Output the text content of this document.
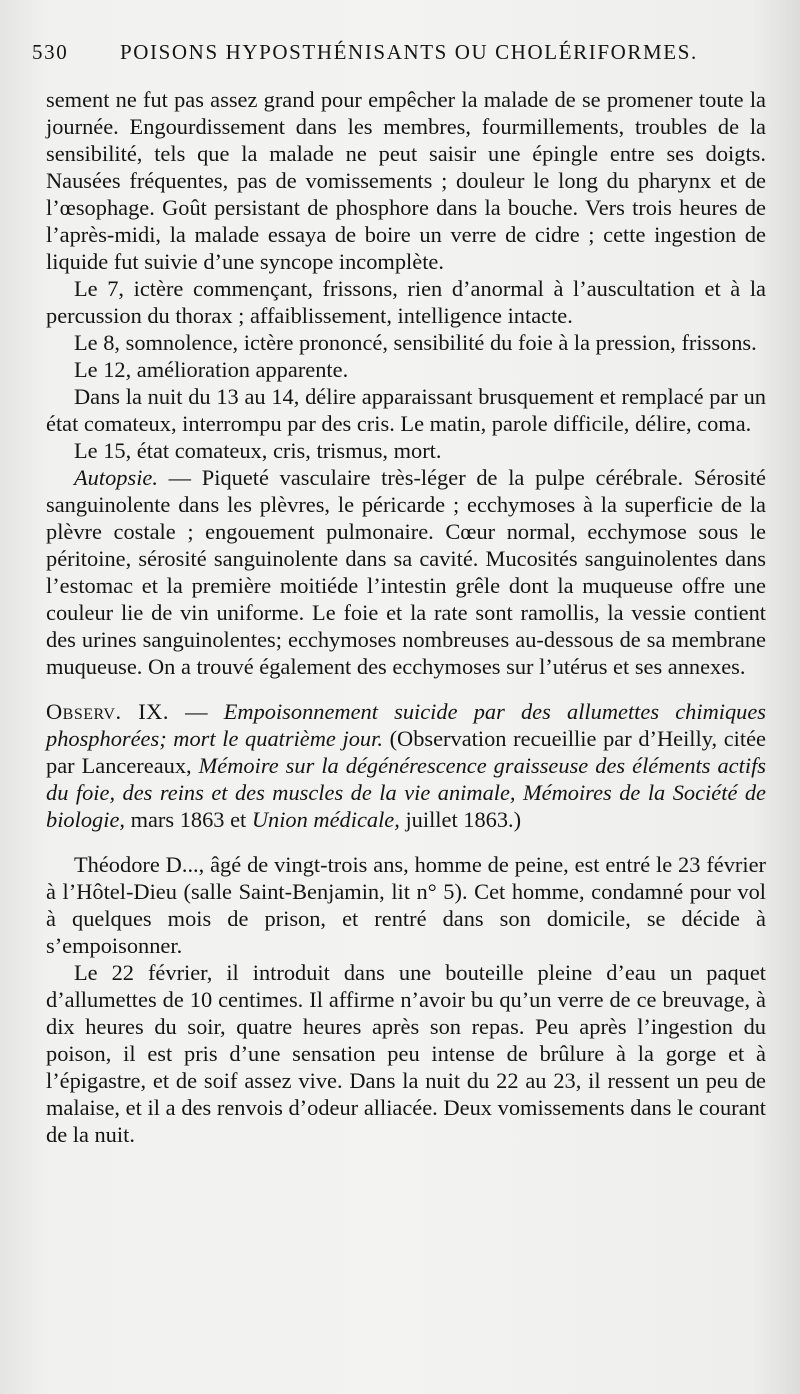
530 POISONS HYPOSTHÉNISANTS OU CHOLÉRIFORMES.

sement ne fut pas assez grand pour empêcher la malade de se promener toute la journée. Engourdissement dans les membres, fourmillements, troubles de la sensibilité, tels que la malade ne peut saisir une épingle entre ses doigts. Nausées fréquentes, pas de vomissements ; douleur le long du pharynx et de l’œsophage. Goût persistant de phosphore dans la bouche. Vers trois heures de l’après-midi, la malade essaya de boire un verre de cidre ; cette ingestion de liquide fut suivie d’une syncope incomplète.

Le 7, ictère commençant, frissons, rien d’anormal à l’auscultation et à la percussion du thorax ; affaiblissement, intelligence intacte.

Le 8, somnolence, ictère prononcé, sensibilité du foie à la pression, frissons.

Le 12, amélioration apparente.

Dans la nuit du 13 au 14, délire apparaissant brusquement et remplacé par un état comateux, interrompu par des cris. Le matin, parole difficile, délire, coma.

Le 15, état comateux, cris, trismus, mort.

Autopsie. — Piqueté vasculaire très-léger de la pulpe cérébrale. Sérosité sanguinolente dans les plèvres, le péricarde ; ecchymoses à la superficie de la plèvre costale ; engouement pulmonaire. Cœur normal, ecchymose sous le péritoine, sérosité sanguinolente dans sa cavité. Mucosités sanguinolentes dans l’estomac et la première moitiéde l’intestin grêle dont la muqueuse offre une couleur lie de vin uniforme. Le foie et la rate sont ramollis, la vessie contient des urines sanguinolentes; ecchymoses nombreuses au-dessous de sa membrane muqueuse. On a trouvé également des ecchymoses sur l’utérus et ses annexes.

Observ. IX. — Empoisonnement suicide par des allumettes chimiques phosphorées; mort le quatrième jour. (Observation recueillie par d’Heilly, citée par Lancereaux, Mémoire sur la dégénérescence graisseuse des éléments actifs du foie, des reins et des muscles de la vie animale, Mémoires de la Société de biologie, mars 1863 et Union médicale, juillet 1863.)

Théodore D..., âgé de vingt-trois ans, homme de peine, est entré le 23 février à l’Hôtel-Dieu (salle Saint-Benjamin, lit n° 5). Cet homme, condamné pour vol à quelques mois de prison, et rentré dans son domicile, se décide à s’empoisonner.

Le 22 février, il introduit dans une bouteille pleine d’eau un paquet d’allumettes de 10 centimes. Il affirme n’avoir bu qu’un verre de ce breuvage, à dix heures du soir, quatre heures après son repas. Peu après l’ingestion du poison, il est pris d’une sensation peu intense de brûlure à la gorge et à l’épigastre, et de soif assez vive. Dans la nuit du 22 au 23, il ressent un peu de malaise, et il a des renvois d’odeur alliacée. Deux vomissements dans le courant de la nuit.
